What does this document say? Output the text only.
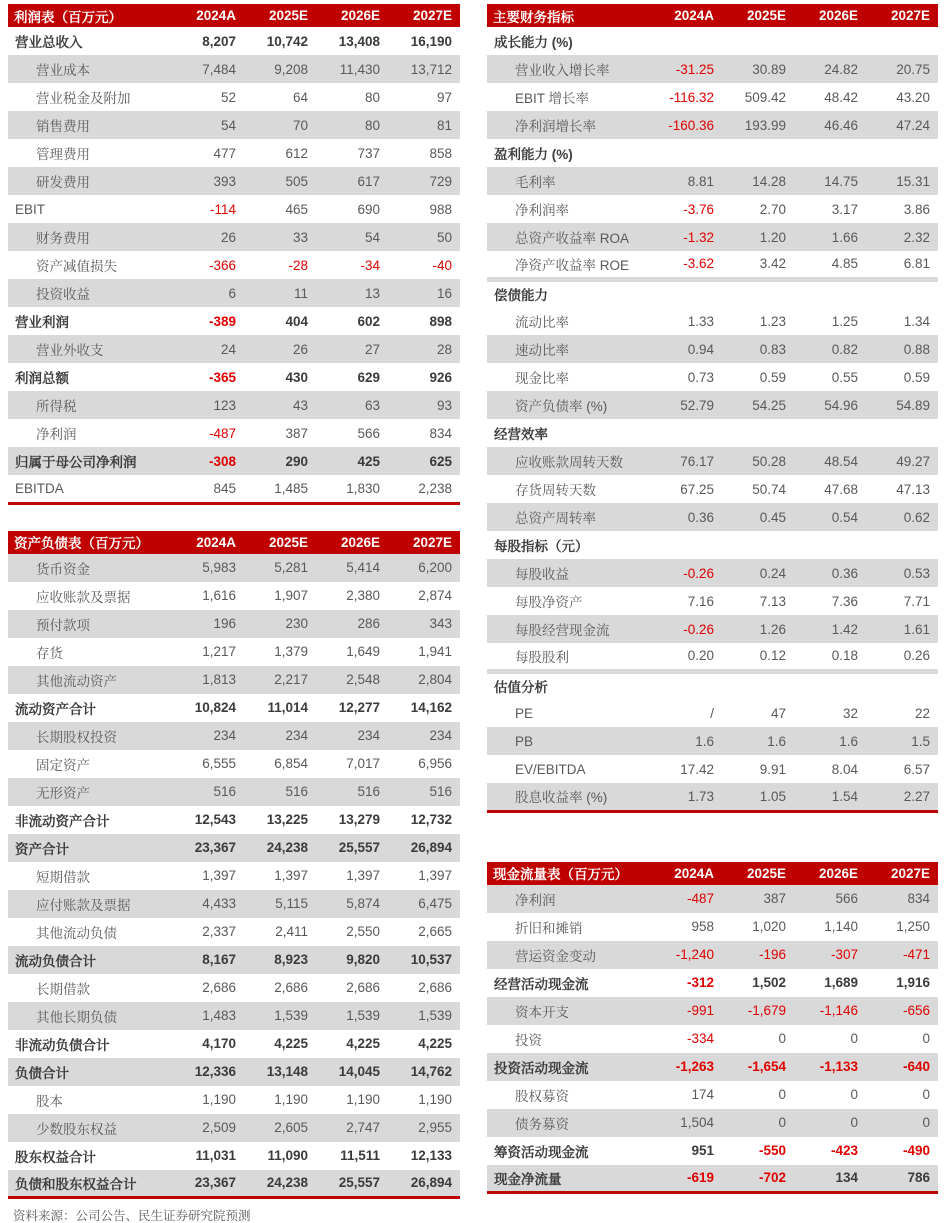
利润表（百万元）	2024A	2025E	2026E	2027E
营业总收入	8,207	10,742	13,408	16,190
营业成本	7,484	9,208	11,430	13,712
营业税金及附加	52	64	80	97
销售费用	54	70	80	81
管理费用	477	612	737	858
研发费用	393	505	617	729
EBIT	-114	465	690	988
财务费用	26	33	54	50
资产减值损失	-366	-28	-34	-40
投资收益	6	11	13	16
营业利润	-389	404	602	898
营业外收支	24	26	27	28
利润总额	-365	430	629	926
所得税	123	43	63	93
净利润	-487	387	566	834
归属于母公司净利润	-308	290	425	625
EBITDA	845	1,485	1,830	2,238
资产负债表（百万元）	2024A	2025E	2026E	2027E
货币资金	5,983	5,281	5,414	6,200
应收账款及票据	1,616	1,907	2,380	2,874
预付款项	196	230	286	343
存货	1,217	1,379	1,649	1,941
其他流动资产	1,813	2,217	2,548	2,804
流动资产合计	10,824	11,014	12,277	14,162
长期股权投资	234	234	234	234
固定资产	6,555	6,854	7,017	6,956
无形资产	516	516	516	516
非流动资产合计	12,543	13,225	13,279	12,732
资产合计	23,367	24,238	25,557	26,894
短期借款	1,397	1,397	1,397	1,397
应付账款及票据	4,433	5,115	5,874	6,475
其他流动负债	2,337	2,411	2,550	2,665
流动负债合计	8,167	8,923	9,820	10,537
长期借款	2,686	2,686	2,686	2,686
其他长期负债	1,483	1,539	1,539	1,539
非流动负债合计	4,170	4,225	4,225	4,225
负债合计	12,336	13,148	14,045	14,762
股本	1,190	1,190	1,190	1,190
少数股东权益	2,509	2,605	2,747	2,955
股东权益合计	11,031	11,090	11,511	12,133
负债和股东权益合计	23,367	24,238	25,557	26,894
资料来源：公司公告、民生证券研究院预测
主要财务指标	2024A	2025E	2026E	2027E
成长能力 (%)				
营业收入增长率	-31.25	30.89	24.82	20.75
EBIT 增长率	-116.32	509.42	48.42	43.20
净利润增长率	-160.36	193.99	46.46	47.24
盈利能力 (%)				
毛利率	8.81	14.28	14.75	15.31
净利润率	-3.76	2.70	3.17	3.86
总资产收益率 ROA	-1.32	1.20	1.66	2.32
净资产收益率 ROE	-3.62	3.42	4.85	6.81
偿债能力				
流动比率	1.33	1.23	1.25	1.34
速动比率	0.94	0.83	0.82	0.88
现金比率	0.73	0.59	0.55	0.59
资产负债率 (%)	52.79	54.25	54.96	54.89
经营效率				
应收账款周转天数	76.17	50.28	48.54	49.27
存货周转天数	67.25	50.74	47.68	47.13
总资产周转率	0.36	0.45	0.54	0.62
每股指标（元）				
每股收益	-0.26	0.24	0.36	0.53
每股净资产	7.16	7.13	7.36	7.71
每股经营现金流	-0.26	1.26	1.42	1.61
每股股利	0.20	0.12	0.18	0.26
估值分析				
PE	/	47	32	22
PB	1.6	1.6	1.6	1.5
EV/EBITDA	17.42	9.91	8.04	6.57
股息收益率 (%)	1.73	1.05	1.54	2.27
现金流量表（百万元）	2024A	2025E	2026E	2027E
净利润	-487	387	566	834
折旧和摊销	958	1,020	1,140	1,250
营运资金变动	-1,240	-196	-307	-471
经营活动现金流	-312	1,502	1,689	1,916
资本开支	-991	-1,679	-1,146	-656
投资	-334	0	0	0
投资活动现金流	-1,263	-1,654	-1,133	-640
股权募资	174	0	0	0
债务募资	1,504	0	0	0
筹资活动现金流	951	-550	-423	-490
现金净流量	-619	-702	134	786
